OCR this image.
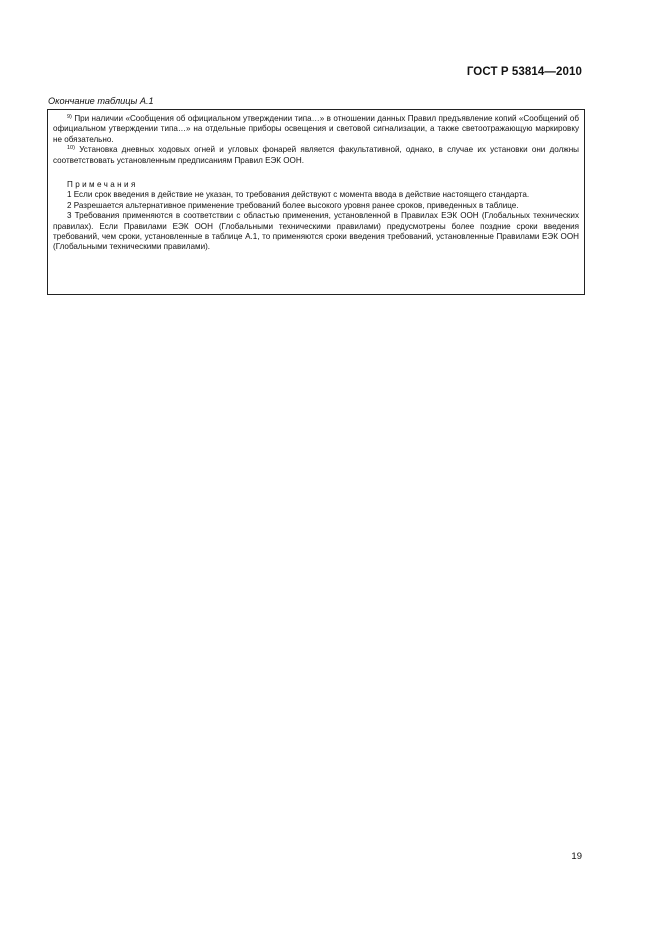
ГОСТ Р 53814—2010
Окончание таблицы А.1

$^{9)}$ При наличии «Сообщения об официальном утверждении типа…» в отношении данных Правил предъявление копий «Сообщений об официальном утверждении типа…» на отдельные приборы освещения и световой сигнализации, а также светоотражающую маркировку не обязательно.

$^{10)}$ Установка дневных ходовых огней и угловых фонарей является факультативной, однако, в случае их установки они должны соответствовать установленным предписаниям Правил ЕЭК ООН.

Примечания

1 Если срок введения в действие не указан, то требования действуют с момента ввода в действие настоящего стандарта.

2 Разрешается альтернативное применение требований более высокого уровня ранее сроков, приведенных в таблице.

3 Требования применяются в соответствии с областью применения, установленной в Правилах ЕЭК ООН (Глобальных технических правилах). Если Правилами ЕЭК ООН (Глобальными техническими правилами) предусмотрены более поздние сроки введения требований, чем сроки, установленные в таблице А.1, то применяются сроки введения требований, установленные Правилами ЕЭК ООН (Глобальными техническими правилами).

19
